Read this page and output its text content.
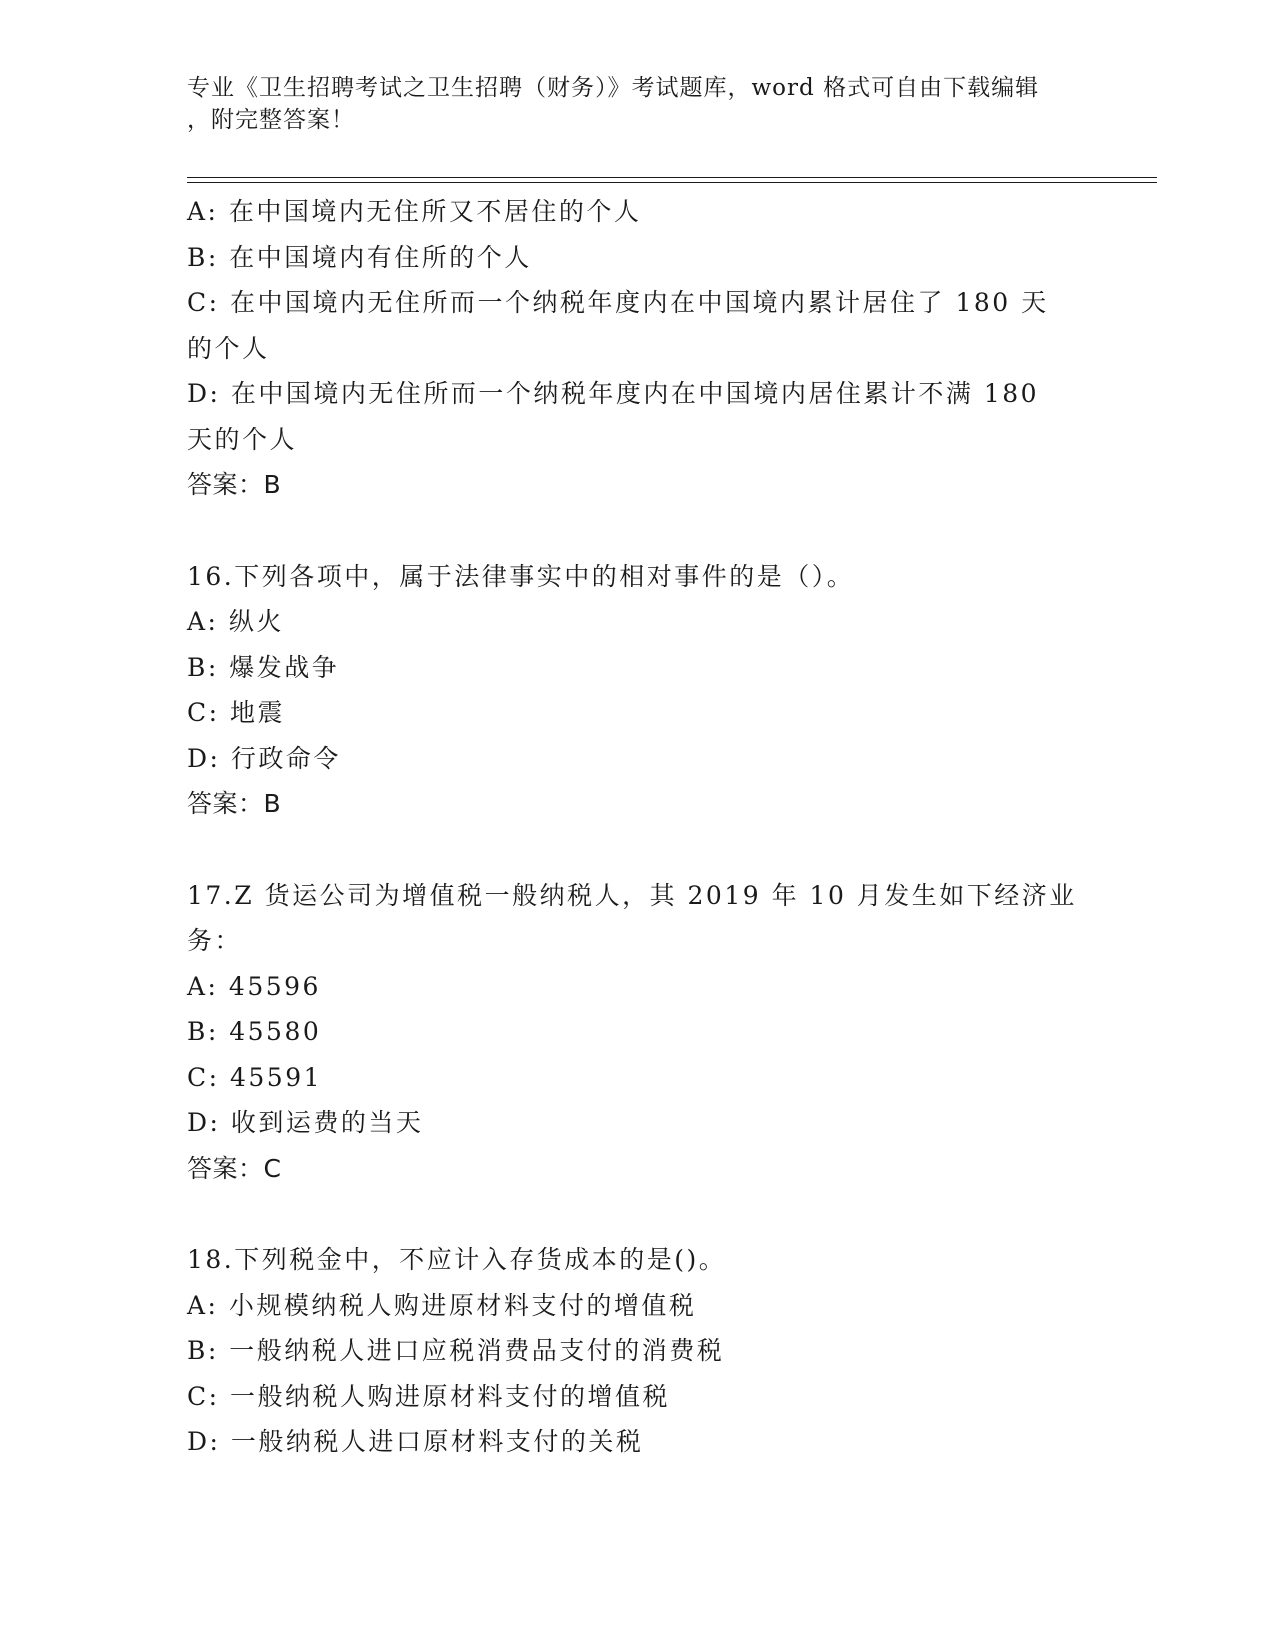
专业《卫生招聘考试之卫生招聘（财务）》考试题库，word 格式可自由下载编辑
，附完整答案！
A: 在中国境内无住所又不居住的个人
B: 在中国境内有住所的个人
C: 在中国境内无住所而一个纳税年度内在中国境内累计居住了 180 天
的个人
D: 在中国境内无住所而一个纳税年度内在中国境内居住累计不满 180
天的个人
答案：B
16.下列各项中，属于法律事实中的相对事件的是（）。
A: 纵火
B: 爆发战争
C: 地震
D: 行政命令
答案：B
17.Z 货运公司为增值税一般纳税人，其 2019 年 10 月发生如下经济业
务：
A: 45596
B: 45580
C: 45591
D: 收到运费的当天
答案：C
18.下列税金中，不应计入存货成本的是()。
A: 小规模纳税人购进原材料支付的增值税
B: 一般纳税人进口应税消费品支付的消费税
C: 一般纳税人购进原材料支付的增值税
D: 一般纳税人进口原材料支付的关税
